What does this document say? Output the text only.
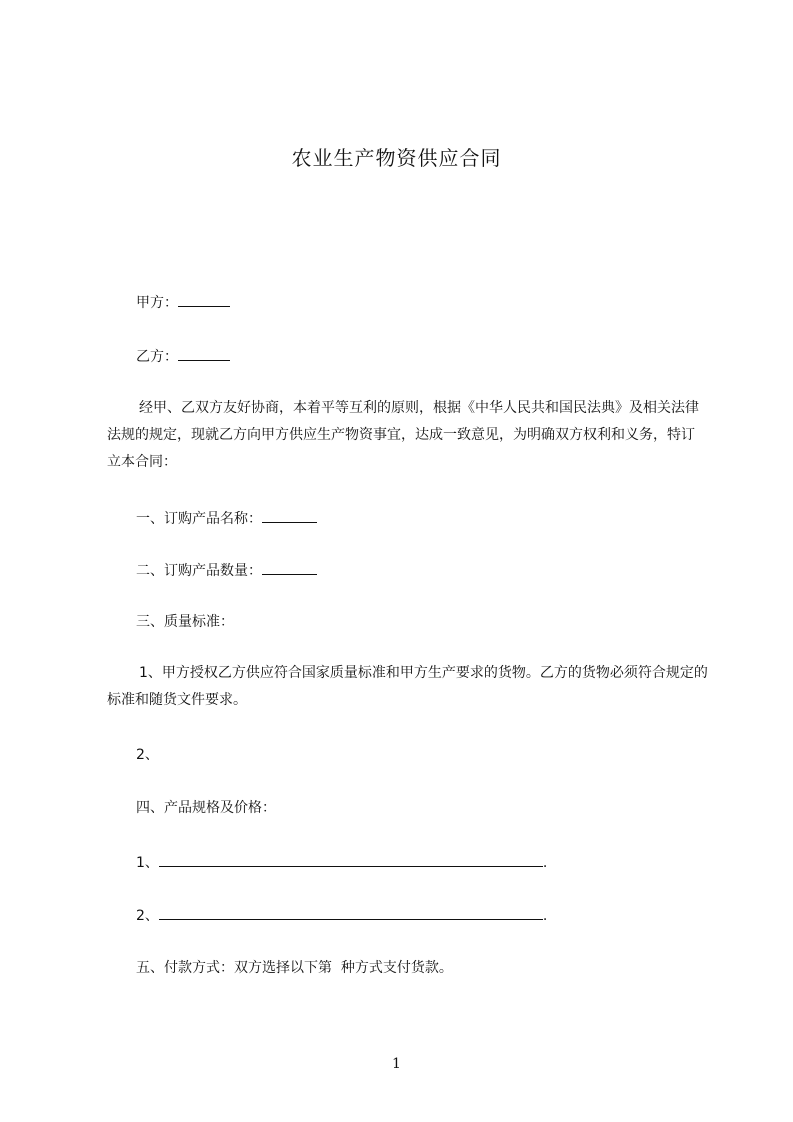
农业生产物资供应合同
甲方：
乙方：
经甲、乙双方友好协商，本着平等互利的原则，根据《中华人民共和国民法典》及相关法律法规的规定，现就乙方向甲方供应生产物资事宜，达成一致意见，为明确双方权利和义务，特订立本合同：
一、订购产品名称：
二、订购产品数量：
三、质量标准：
1、甲方授权乙方供应符合国家质量标准和甲方生产要求的货物。乙方的货物必须符合规定的标准和随货文件要求。
2、
四、产品规格及价格：
1、	.
2、	.
五、付款方式：双方选择以下第  种方式支付货款。
1
